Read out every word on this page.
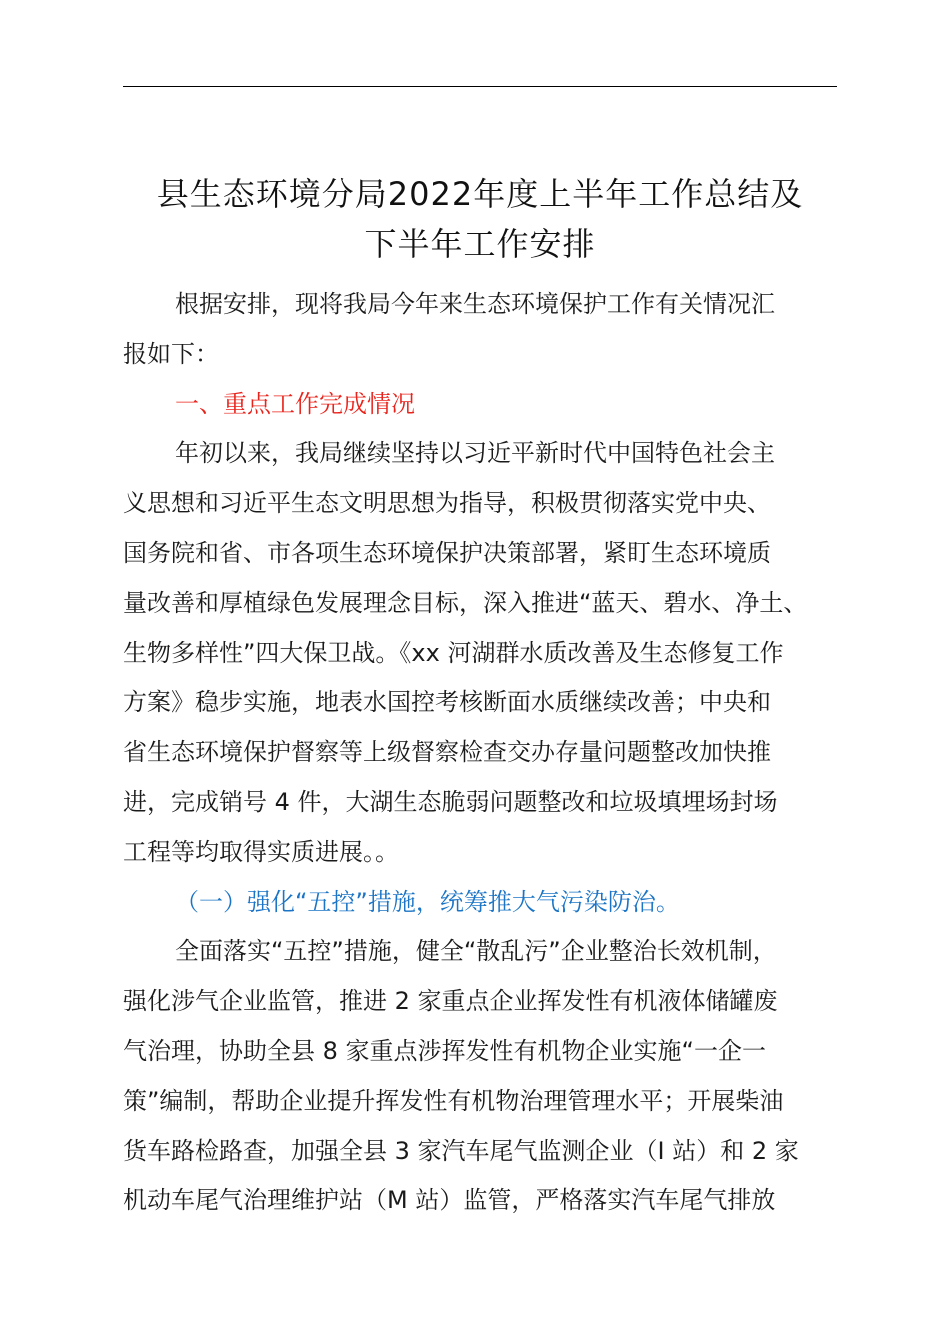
县生态环境分局2022年度上半年工作总结及
下半年工作安排

根据安排，现将我局今年来生态环境保护工作有关情况汇
报如下：

一、重点工作完成情况

年初以来，我局继续坚持以习近平新时代中国特色社会主
义思想和习近平生态文明思想为指导，积极贯彻落实党中央、
国务院和省、市各项生态环境保护决策部署，紧盯生态环境质
量改善和厚植绿色发展理念目标，深入推进“蓝天、碧水、净土、
生物多样性”四大保卫战。《xx 河湖群水质改善及生态修复工作
方案》稳步实施，地表水国控考核断面水质继续改善；中央和
省生态环境保护督察等上级督察检查交办存量问题整改加快推
进，完成销号 4 件，大湖生态脆弱问题整改和垃圾填埋场封场
工程等均取得实质进展。。

（一）强化“五控”措施，统筹推大气污染防治。

全面落实“五控”措施，健全“散乱污”企业整治长效机制，
强化涉气企业监管，推进 2 家重点企业挥发性有机液体储罐废
气治理，协助全县 8 家重点涉挥发性有机物企业实施“一企一
策”编制，帮助企业提升挥发性有机物治理管理水平；开展柴油
货车路检路查，加强全县 3 家汽车尾气监测企业（I 站）和 2 家
机动车尾气治理维护站（M 站）监管，严格落实汽车尾气排放
